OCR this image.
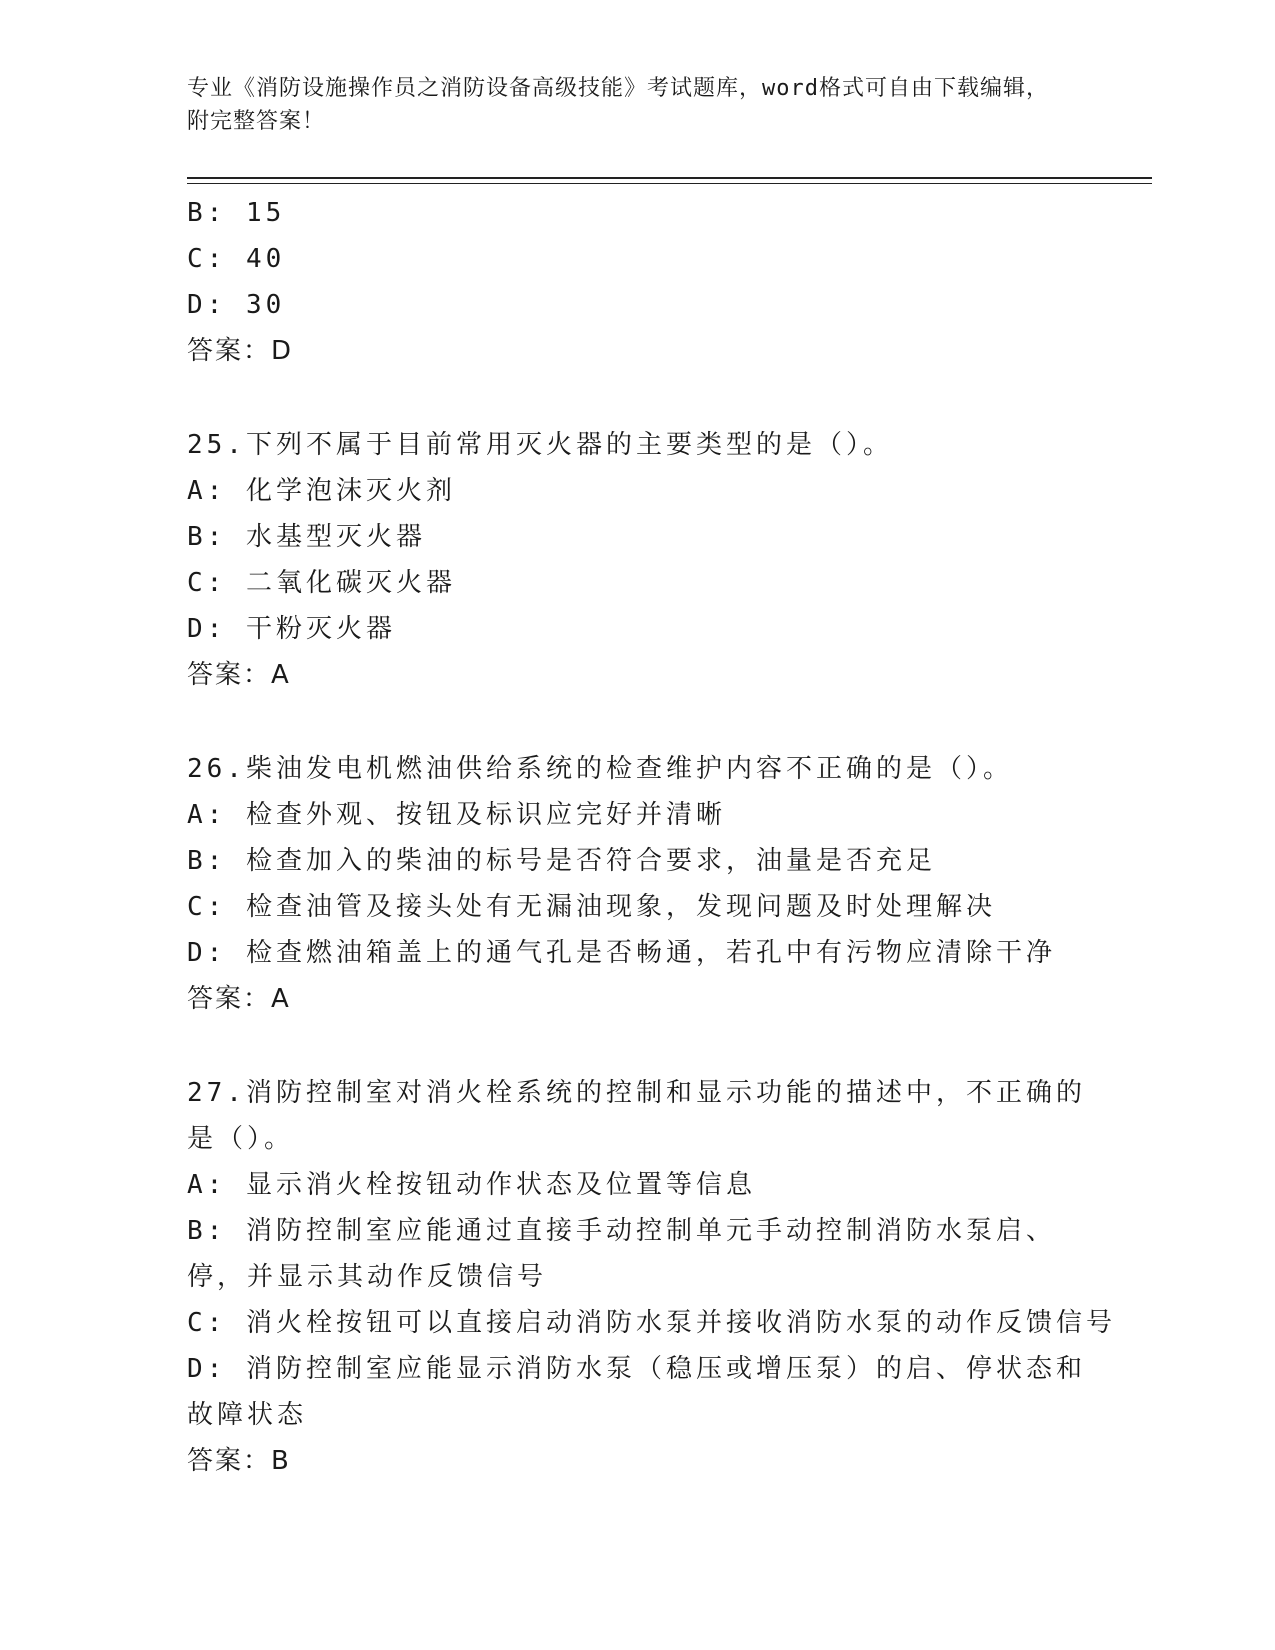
专业《消防设施操作员之消防设备高级技能》考试题库，word格式可自由下载编辑，附完整答案！
B: 15
C: 40
D: 30
答案：D
25.下列不属于目前常用灭火器的主要类型的是（）。
A: 化学泡沫灭火剂
B: 水基型灭火器
C: 二氧化碳灭火器
D: 干粉灭火器
答案：A
26.柴油发电机燃油供给系统的检查维护内容不正确的是（）。
A: 检查外观、按钮及标识应完好并清晰
B: 检查加入的柴油的标号是否符合要求，油量是否充足
C: 检查油管及接头处有无漏油现象，发现问题及时处理解决
D: 检查燃油箱盖上的通气孔是否畅通，若孔中有污物应清除干净
答案：A
27.消防控制室对消火栓系统的控制和显示功能的描述中，不正确的是（）。
A: 显示消火栓按钮动作状态及位置等信息
B: 消防控制室应能通过直接手动控制单元手动控制消防水泵启、停，并显示其动作反馈信号
C: 消火栓按钮可以直接启动消防水泵并接收消防水泵的动作反馈信号
D: 消防控制室应能显示消防水泵（稳压或增压泵）的启、停状态和故障状态
答案：B
